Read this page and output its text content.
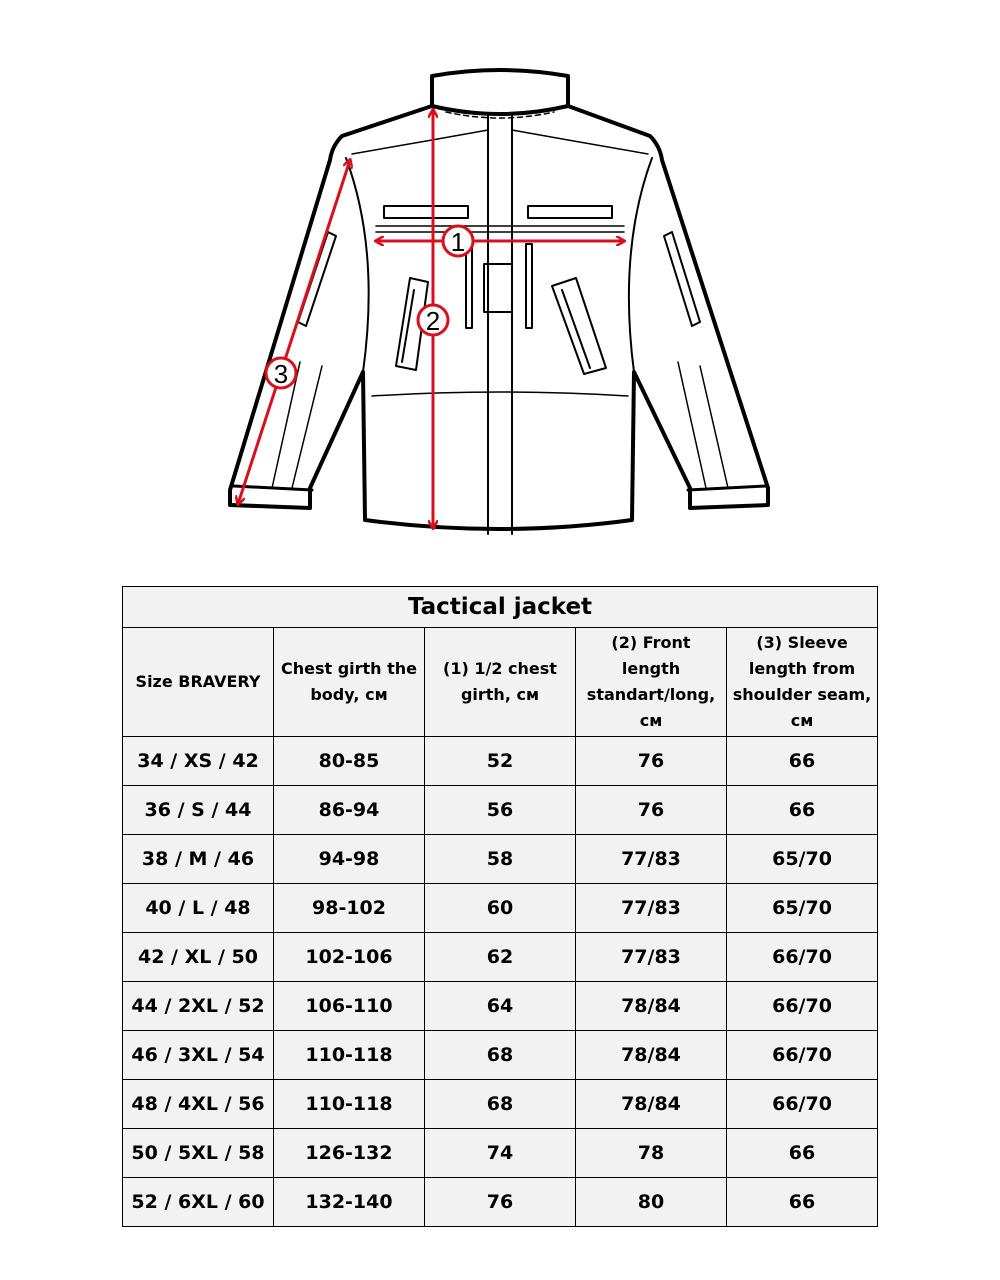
1
2
3
Tactical jacket				
Size BRAVERY	Chest girth the body, см	(1) 1/2 chest girth, см	(2) Front length standart/long, см	(3) Sleeve length from shoulder seam, см
34 / XS / 42	80-85	52	76	66
36 / S / 44	86-94	56	76	66
38 / M / 46	94-98	58	77/83	65/70
40 / L / 48	98-102	60	77/83	65/70
42 / XL / 50	102-106	62	77/83	66/70
44 / 2XL / 52	106-110	64	78/84	66/70
46 / 3XL / 54	110-118	68	78/84	66/70
48 / 4XL / 56	110-118	68	78/84	66/70
50 / 5XL / 58	126-132	74	78	66
52 / 6XL / 60	132-140	76	80	66
